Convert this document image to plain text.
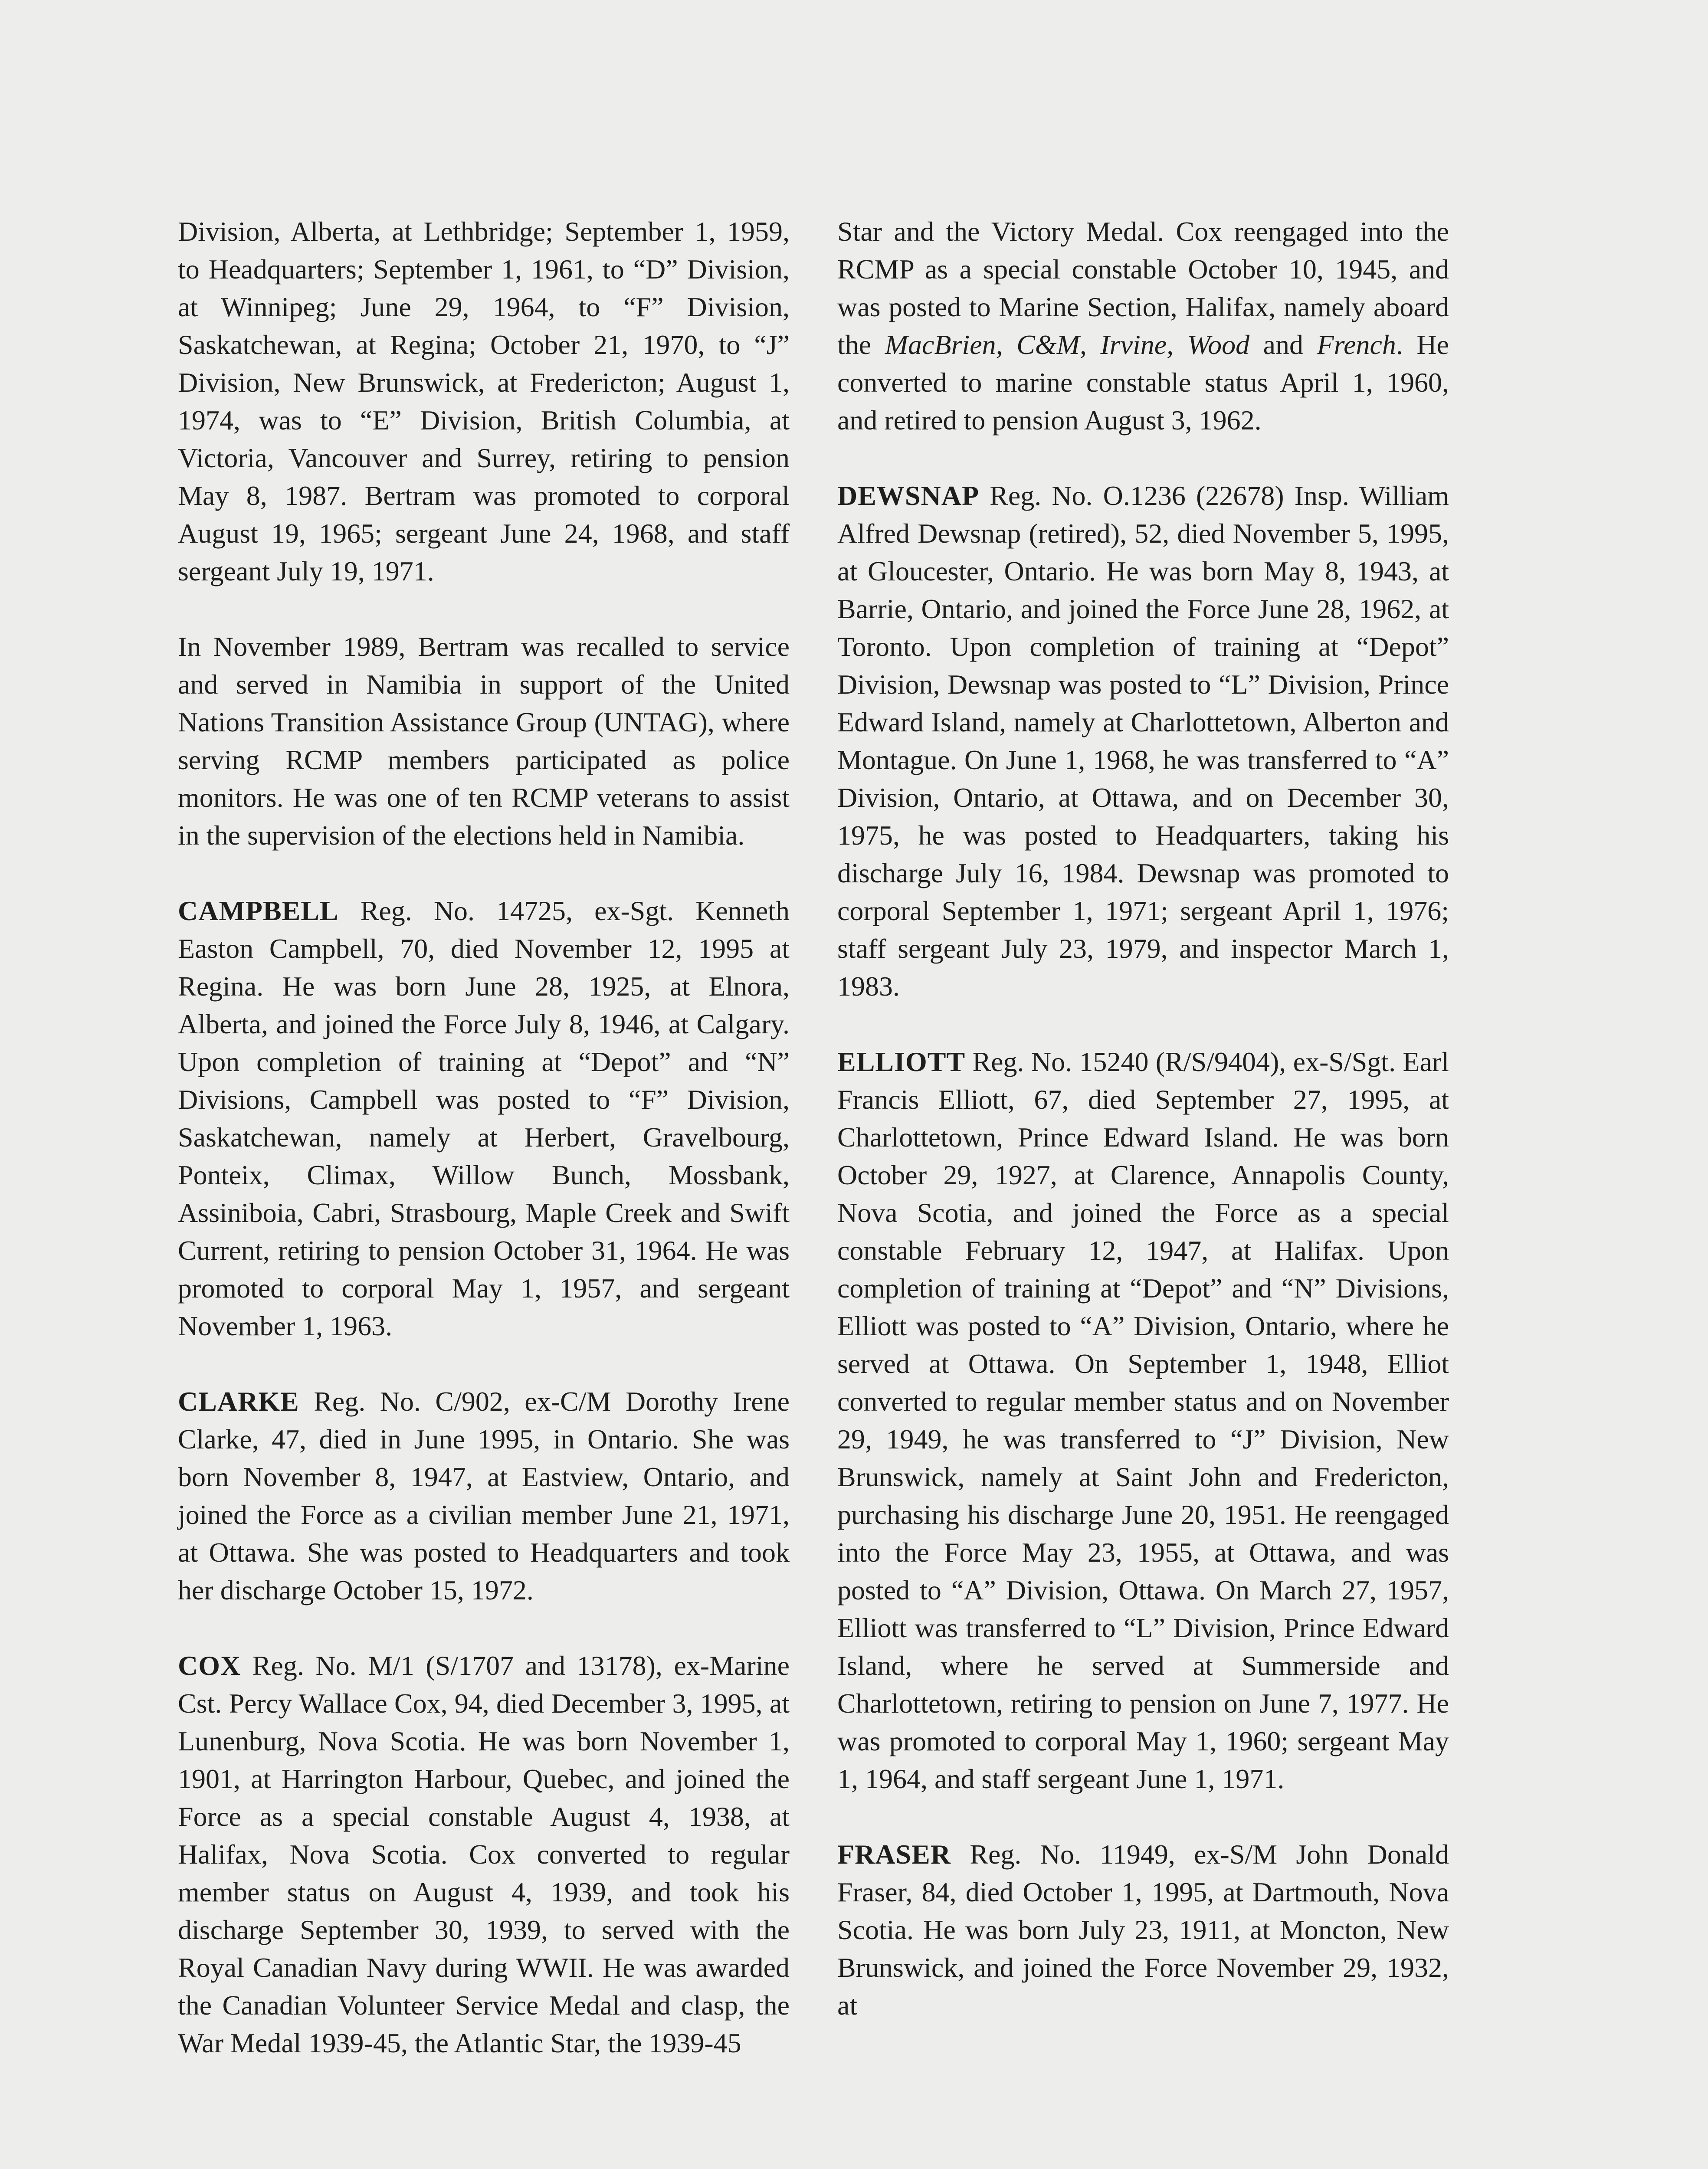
Division, Alberta, at Lethbridge; September 1, 1959, to Headquarters; September 1, 1961, to “D” Division, at Winnipeg; June 29, 1964, to “F” Division, Saskatchewan, at Regina; October 21, 1970, to “J” Division, New Brunswick, at Fredericton; August 1, 1974, was to “E” Division, British Columbia, at Victoria, Vancouver and Surrey, retiring to pension May 8, 1987. Bertram was promoted to corporal August 19, 1965; sergeant June 24, 1968, and staff sergeant July 19, 1971.

In November 1989, Bertram was recalled to service and served in Namibia in support of the United Nations Transition Assistance Group (UNTAG), where serving RCMP members participated as police monitors. He was one of ten RCMP veterans to assist in the supervision of the elections held in Namibia.

CAMPBELL Reg. No. 14725, ex-Sgt. Kenneth Easton Campbell, 70, died November 12, 1995 at Regina. He was born June 28, 1925, at Elnora, Alberta, and joined the Force July 8, 1946, at Calgary. Upon completion of training at “Depot” and “N” Divisions, Campbell was posted to “F” Division, Saskatchewan, namely at Herbert, Gravelbourg, Ponteix, Climax, Willow Bunch, Mossbank, Assiniboia, Cabri, Strasbourg, Maple Creek and Swift Current, retiring to pension October 31, 1964. He was promoted to corporal May 1, 1957, and sergeant November 1, 1963.

CLARKE Reg. No. C/902, ex-C/M Dorothy Irene Clarke, 47, died in June 1995, in Ontario. She was born November 8, 1947, at Eastview, Ontario, and joined the Force as a civilian member June 21, 1971, at Ottawa. She was posted to Headquarters and took her discharge October 15, 1972.

COX Reg. No. M/1 (S/1707 and 13178), ex-Marine Cst. Percy Wallace Cox, 94, died December 3, 1995, at Lunenburg, Nova Scotia. He was born November 1, 1901, at Harrington Harbour, Quebec, and joined the Force as a special constable August 4, 1938, at Halifax, Nova Scotia. Cox converted to regular member status on August 4, 1939, and took his discharge September 30, 1939, to served with the Royal Canadian Navy during WWII. He was awarded the Canadian Volunteer Service Medal and clasp, the War Medal 1939-45, the Atlantic Star, the 1939-45

Star and the Victory Medal. Cox reengaged into the RCMP as a special constable October 10, 1945, and was posted to Marine Section, Halifax, namely aboard the MacBrien, C&M, Irvine, Wood and French. He converted to marine constable status April 1, 1960, and retired to pension August 3, 1962.

DEWSNAP Reg. No. O.1236 (22678) Insp. William Alfred Dewsnap (retired), 52, died November 5, 1995, at Gloucester, Ontario. He was born May 8, 1943, at Barrie, Ontario, and joined the Force June 28, 1962, at Toronto. Upon completion of training at “Depot” Division, Dewsnap was posted to “L” Division, Prince Edward Island, namely at Charlottetown, Alberton and Montague. On June 1, 1968, he was transferred to “A” Division, Ontario, at Ottawa, and on December 30, 1975, he was posted to Headquarters, taking his discharge July 16, 1984. Dewsnap was promoted to corporal September 1, 1971; sergeant April 1, 1976; staff sergeant July 23, 1979, and inspector March 1, 1983.

ELLIOTT Reg. No. 15240 (R/S/9404), ex-S/Sgt. Earl Francis Elliott, 67, died September 27, 1995, at Charlottetown, Prince Edward Island. He was born October 29, 1927, at Clarence, Annapolis County, Nova Scotia, and joined the Force as a special constable February 12, 1947, at Halifax. Upon completion of training at “Depot” and “N” Divisions, Elliott was posted to “A” Division, Ontario, where he served at Ottawa. On September 1, 1948, Elliot converted to regular member status and on November 29, 1949, he was transferred to “J” Division, New Brunswick, namely at Saint John and Fredericton, purchasing his discharge June 20, 1951. He reengaged into the Force May 23, 1955, at Ottawa, and was posted to “A” Division, Ottawa. On March 27, 1957, Elliott was transferred to “L” Division, Prince Edward Island, where he served at Summerside and Charlottetown, retiring to pension on June 7, 1977. He was promoted to corporal May 1, 1960; sergeant May 1, 1964, and staff sergeant June 1, 1971.

FRASER Reg. No. 11949, ex-S/M John Donald Fraser, 84, died October 1, 1995, at Dartmouth, Nova Scotia. He was born July 23, 1911, at Moncton, New Brunswick, and joined the Force November 29, 1932, at
